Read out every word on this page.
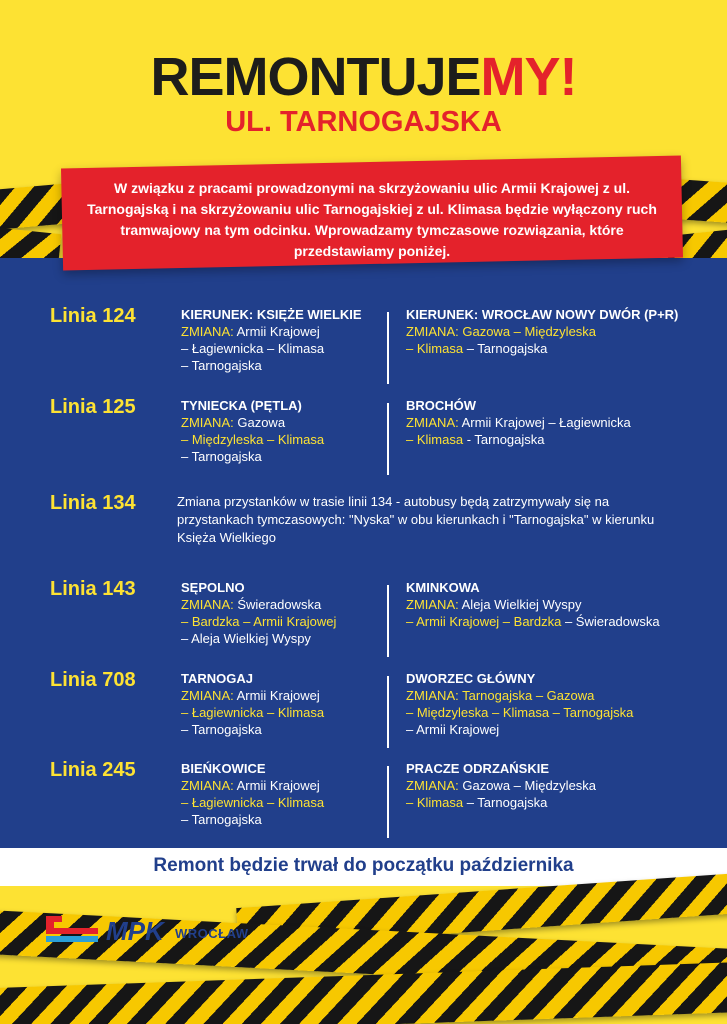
REMONTUJEMY!
UL. TARNOGAJSKA
Linia 124	KIERUNEK: KSIĘŻE WIELKIE
ZMIANA: Armii Krajowej
– Łagiewnicka – Klimasa
– Tarnogajska
KIERUNEK: WROCŁAW NOWY DWÓR (P+R)
ZMIANA: Gazowa – Międzyleska
– Klimasa – Tarnogajska
Linia 125	TYNIECKA (PĘTLA)
ZMIANA: Gazowa
– Międzyleska – Klimasa
– Tarnogajska
BROCHÓW
ZMIANA: Armii Krajowej – Łagiewnicka
– Klimasa - Tarnogajska
Linia 134	Zmiana przystanków w trasie linii 134 - autobusy będą zatrzymywały się na przystankach tymczasowych: "Nyska" w obu kierunkach i "Tarnogajska" w kierunku Księża Wielkiego
Linia 143	SĘPOLNO
ZMIANA: Świeradowska
– Bardzka – Armii Krajowej
– Aleja Wielkiej Wyspy
KMINKOWA
ZMIANA: Aleja Wielkiej Wyspy
– Armii Krajowej – Bardzka – Świeradowska
Linia 708	TARNOGAJ
ZMIANA: Armii Krajowej
– Łagiewnicka – Klimasa
– Tarnogajska
DWORZEC GŁÓWNY
ZMIANA: Tarnogajska – Gazowa
– Międzyleska – Klimasa – Tarnogajska
– Armii Krajowej
Linia 245	BIEŃKOWICE
ZMIANA: Armii Krajowej
– Łagiewnicka – Klimasa
– Tarnogajska
PRACZE ODRZAŃSKIE
ZMIANA: Gazowa – Międzyleska
– Klimasa – Tarnogajska
W związku z pracami prowadzonymi na skrzyżowaniu ulic Armii Krajowej z ul. Tarnogajską i na skrzyżowaniu ulic Tarnogajskiej z ul. Klimasa będzie wyłączony ruch tramwajowy na tym odcinku. Wprowadzamy tymczasowe rozwiązania, które przedstawiamy poniżej.
Remont będzie trwał do początku października
MPK WROCŁAW
